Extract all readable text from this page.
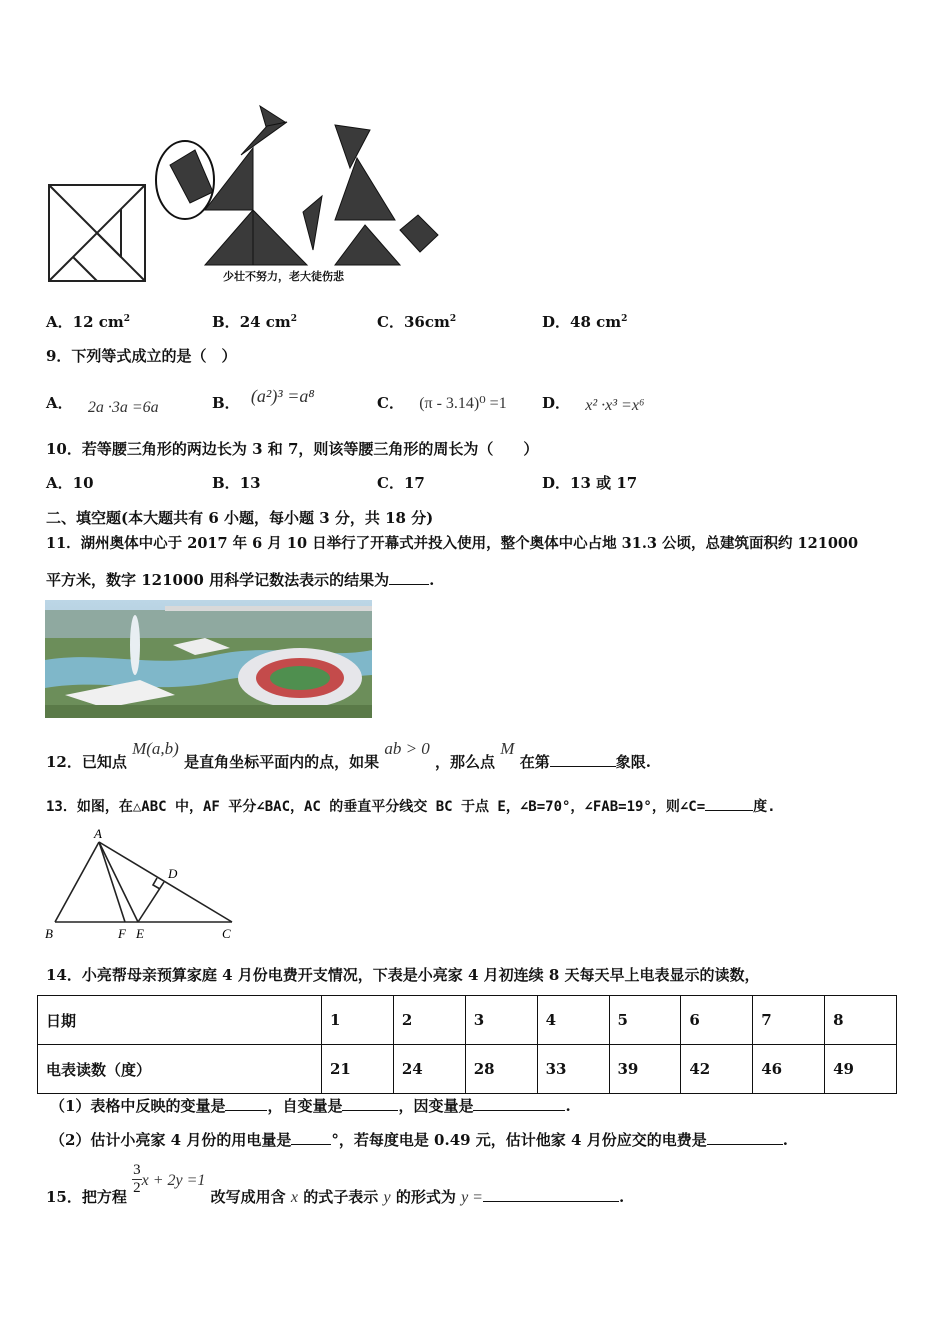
少壮不努力，老大徒伤悲
A．12 $cm^2$	B．24 $cm^2$	C．$36cm^2$	D．48 $cm^2$
9．下列等式成立的是（　）
A． 2a ·3a =6a	B． (a²)³ =a⁸	C． (π - 3.14)⁰ =1 D． x² ·x³ =x⁶
10．若等腰三角形的两边长为 3 和 7，则该等腰三角形的周长为（　　）
A．10	B．13	C．17	D．13 或 17
二、填空题(本大题共有 6 小题，每小题 3 分，共 18 分)
11．湖州奥体中心于 2017 年 6 月 10 日举行了开幕式并投入使用，整个奥体中心占地 31.3 公顷，总建筑面积约 121000
平方米，数字 121000 用科学记数法表示的结果为	.
12．已知点 M(a,b) 是直角坐标平面内的点，如果 ab > 0 ，那么点 M 在第	象限.
13．如图，在△ABC 中，AF 平分∠BAC，AC 的垂直平分线交 BC 于点 E，∠B=70°，∠FAB=19°，则∠C=	度.
A
B	C
D
E
F
14．小亮帮母亲预算家庭 4 月份电费开支情况，下表是小亮家 4 月初连续 8 天每天早上电表显示的读数，
日期	1	2	3	4	5	6	7	8
电表读数（度）	21	24	28	33	39	42	46	49
（1）表格中反映的变量是	，自变量是	，因变量是	.
（2）估计小亮家 4 月份的用电量是	°，若每度电是 0.49 元，估计他家 4 月份应交的电费是	.
15．把方程 $\frac{3}{2}$ x + 2y =1 改写成用含 x 的式子表示 y 的形式为 y =	.
